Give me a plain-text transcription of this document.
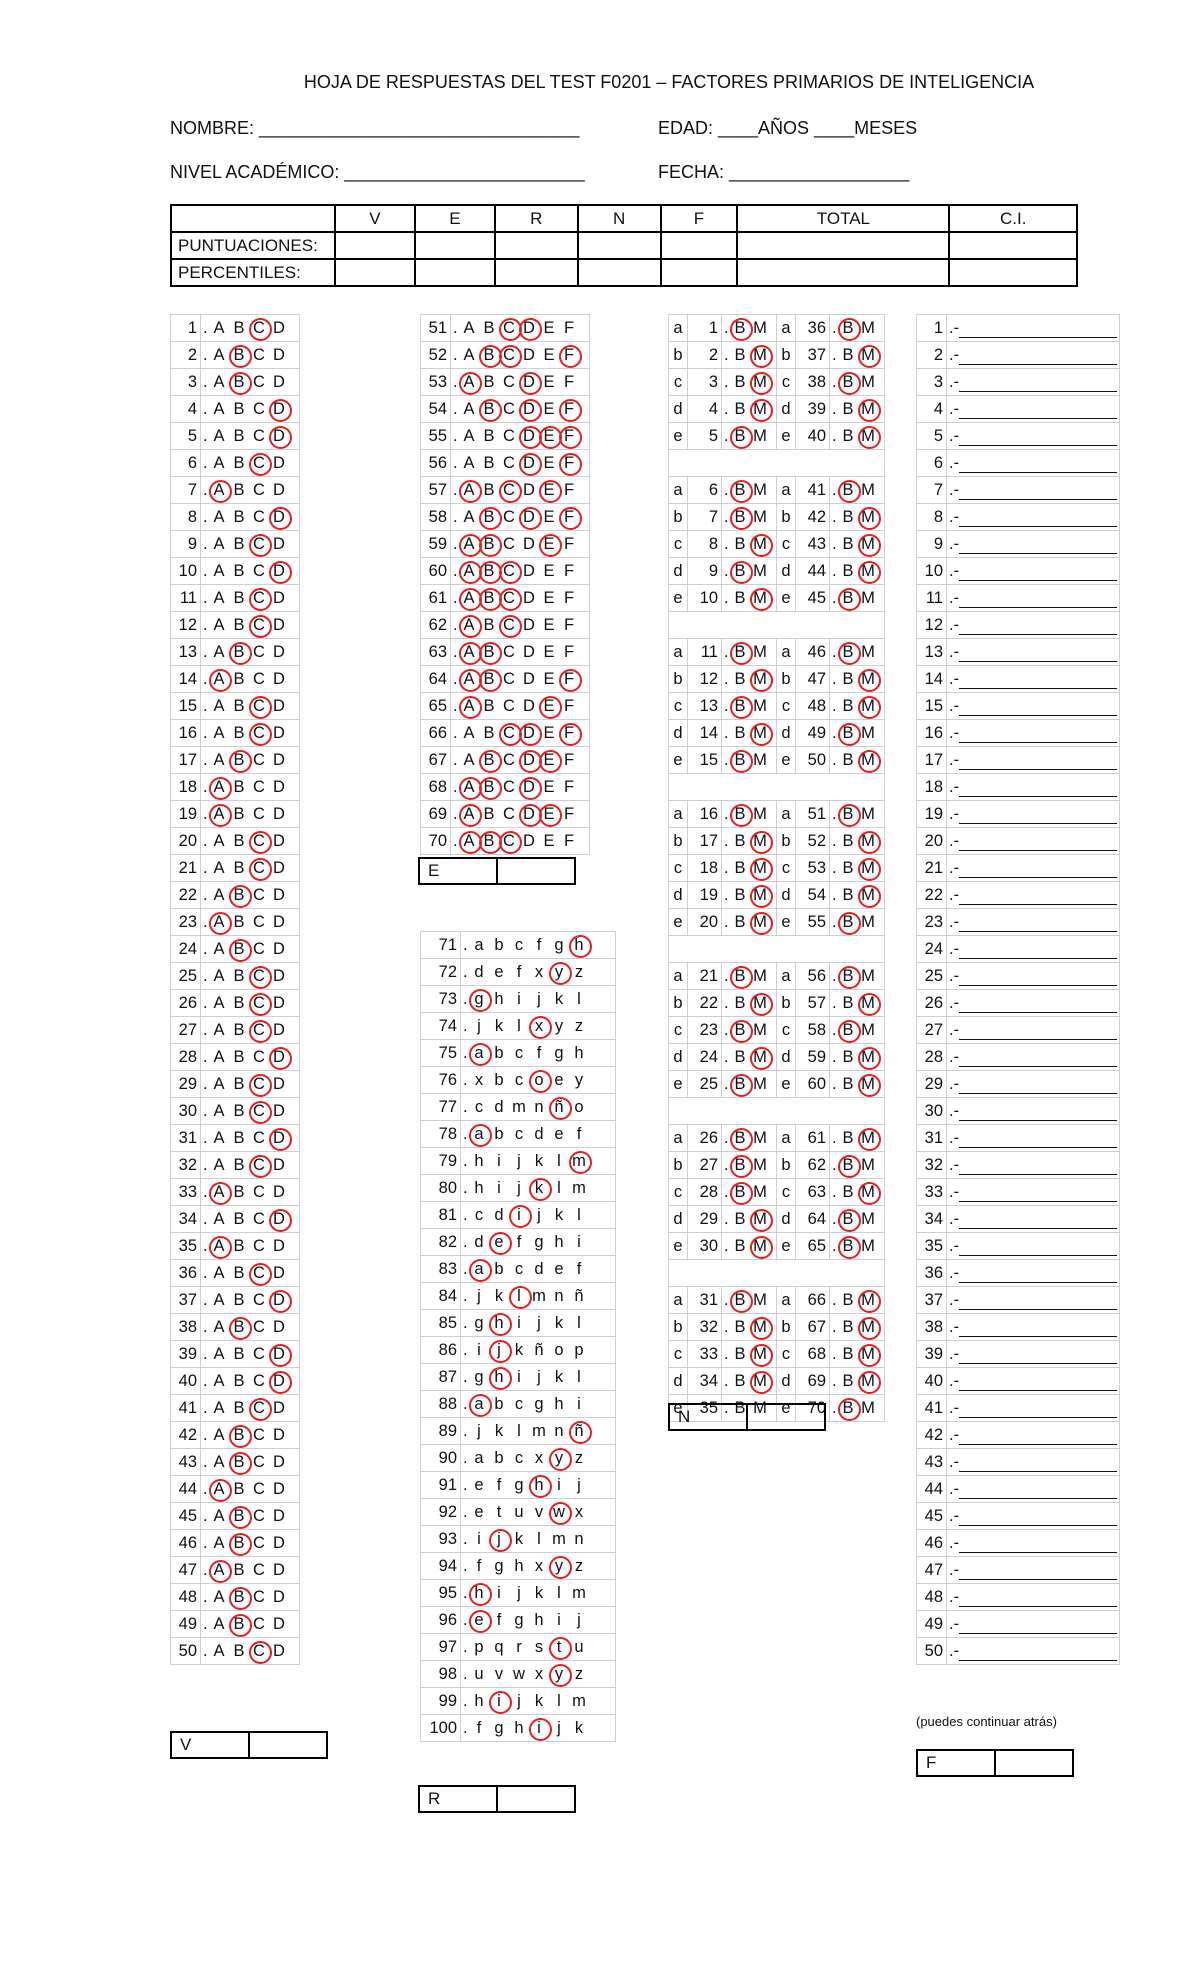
HOJA DE RESPUESTAS DEL TEST F0201 – FACTORES PRIMARIOS DE INTELIGENCIA
NOMBRE: ________________________________	EDAD: ____AÑOS ____MESES
NIVEL ACADÉMICO: ________________________	FECHA: __________________
	V	E	R	N	F	TOTAL	C.I.
PUNTUACIONES:							
PERCENTILES:							
1	. A B C D
2	. A B C D
3	. A B C D
4	. A B C D
5	. A B C D
6	. A B C D
7	. A B C D
8	. A B C D
9	. A B C D
10	. A B C D
11	. A B C D
12	. A B C D
13	. A B C D
14	. A B C D
15	. A B C D
16	. A B C D
17	. A B C D
18	. A B C D
19	. A B C D
20	. A B C D
21	. A B C D
22	. A B C D
23	. A B C D
24	. A B C D
25	. A B C D
26	. A B C D
27	. A B C D
28	. A B C D
29	. A B C D
30	. A B C D
31	. A B C D
32	. A B C D
33	. A B C D
34	. A B C D
35	. A B C D
36	. A B C D
37	. A B C D
38	. A B C D
39	. A B C D
40	. A B C D
41	. A B C D
42	. A B C D
43	. A B C D
44	. A B C D
45	. A B C D
46	. A B C D
47	. A B C D
48	. A B C D
49	. A B C D
50	. A B C D
V	
51	. A B C D E F
52	. A B C D E F
53	. A B C D E F
54	. A B C D E F
55	. A B C D E F
56	. A B C D E F
57	. A B C D E F
58	. A B C D E F
59	. A B C D E F
60	. A B C D E F
61	. A B C D E F
62	. A B C D E F
63	. A B C D E F
64	. A B C D E F
65	. A B C D E F
66	. A B C D E F
67	. A B C D E F
68	. A B C D E F
69	. A B C D E F
70	. A B C D E F
E	
71	. a b c f g h
72	. d e f x y z
73	. g h i j k l
74	. j k l x y z
75	. a b c f g h
76	. x b c o e y
77	. c d m n ñ o
78	. a b c d e f
79	. h i j k l m
80	. h i j k l m
81	. c d i j k l
82	. d e f g h i
83	. a b c d e f
84	. j k l m n ñ
85	. g h i j k l
86	. i j k ñ o p
87	. g h i j k l
88	. a b c g h i
89	. j k l m n ñ
90	. a b c x y z
91	. e f g h i j
92	. e t u v w x
93	. i j k l m n
94	. f g h x y z
95	. h i j k l m
96	. e f g h i j
97	. p q r s t u
98	. u v w x y z
99	. h i j k l m
100	. f g h i j k
R	
a	1	. B M	a	36	. B M
b	2	. B M	b	37	. B M
c	3	. B M	c	38	. B M
d	4	. B M	d	39	. B M
e	5	. B M	e	40	. B M

a	6	. B M	a	41	. B M
b	7	. B M	b	42	. B M
c	8	. B M	c	43	. B M
d	9	. B M	d	44	. B M
e	10	. B M	e	45	. B M

a	11	. B M	a	46	. B M
b	12	. B M	b	47	. B M
c	13	. B M	c	48	. B M
d	14	. B M	d	49	. B M
e	15	. B M	e	50	. B M

a	16	. B M	a	51	. B M
b	17	. B M	b	52	. B M
c	18	. B M	c	53	. B M
d	19	. B M	d	54	. B M
e	20	. B M	e	55	. B M

a	21	. B M	a	56	. B M
b	22	. B M	b	57	. B M
c	23	. B M	c	58	. B M
d	24	. B M	d	59	. B M
e	25	. B M	e	60	. B M

a	26	. B M	a	61	. B M
b	27	. B M	b	62	. B M
c	28	. B M	c	63	. B M
d	29	. B M	d	64	. B M
e	30	. B M	e	65	. B M

a	31	. B M	a	66	. B M
b	32	. B M	b	67	. B M
c	33	. B M	c	68	. B M
d	34	. B M	d	69	. B M
e	35	. B M	e	70	. B M
N	
1	.-
2	.-
3	.-
4	.-
5	.-
6	.-
7	.-
8	.-
9	.-
10	.-
11	.-
12	.-
13	.-
14	.-
15	.-
16	.-
17	.-
18	.-
19	.-
20	.-
21	.-
22	.-
23	.-
24	.-
25	.-
26	.-
27	.-
28	.-
29	.-
30	.-
31	.-
32	.-
33	.-
34	.-
35	.-
36	.-
37	.-
38	.-
39	.-
40	.-
41	.-
42	.-
43	.-
44	.-
45	.-
46	.-
47	.-
48	.-
49	.-
50	.-
(puedes continuar atrás)
F	
